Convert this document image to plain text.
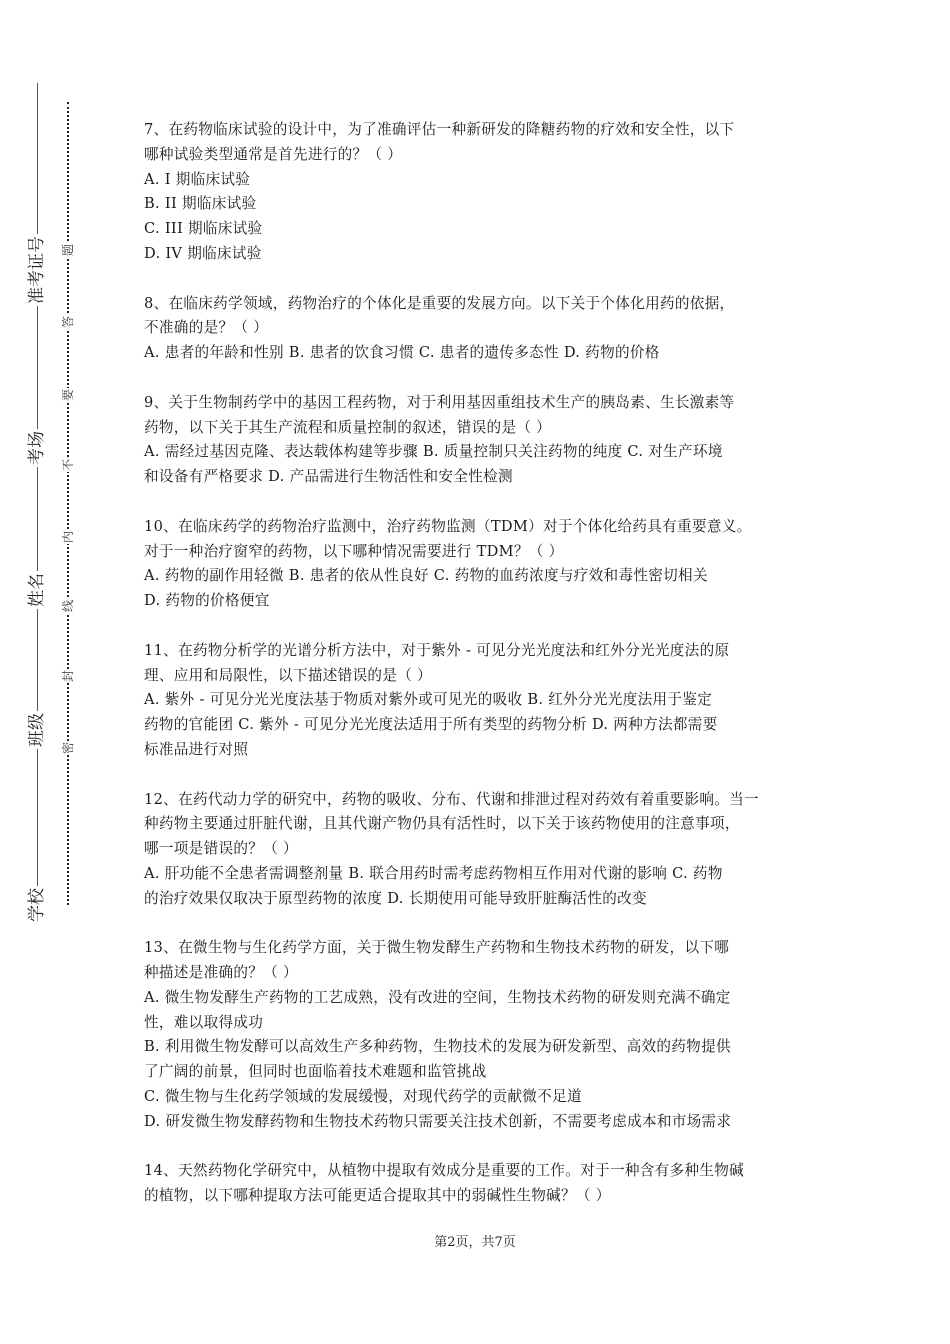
准考证号
考场
姓名
班级
学校
题
答
要
不
内
线
封
密
7、在药物临床试验的设计中，为了准确评估一种新研发的降糖药物的疗效和安全性，以下
哪种试验类型通常是首先进行的？（ ）
A. I 期临床试验
B. II 期临床试验
C. III 期临床试验
D. IV 期临床试验
8、在临床药学领域，药物治疗的个体化是重要的发展方向。以下关于个体化用药的依据，
不准确的是？（ ）
A. 患者的年龄和性别 B. 患者的饮食习惯 C. 患者的遗传多态性 D. 药物的价格
9、关于生物制药学中的基因工程药物，对于利用基因重组技术生产的胰岛素、生长激素等
药物，以下关于其生产流程和质量控制的叙述，错误的是（ ）
A. 需经过基因克隆、表达载体构建等步骤 B. 质量控制只关注药物的纯度 C. 对生产环境
和设备有严格要求 D. 产品需进行生物活性和安全性检测
10、在临床药学的药物治疗监测中，治疗药物监测（TDM）对于个体化给药具有重要意义。
对于一种治疗窗窄的药物，以下哪种情况需要进行 TDM？（ ）
A. 药物的副作用轻微 B. 患者的依从性良好 C. 药物的血药浓度与疗效和毒性密切相关
D. 药物的价格便宜
11、在药物分析学的光谱分析方法中，对于紫外 - 可见分光光度法和红外分光光度法的原
理、应用和局限性，以下描述错误的是（ ）
A. 紫外 - 可见分光光度法基于物质对紫外或可见光的吸收 B. 红外分光光度法用于鉴定
药物的官能团 C. 紫外 - 可见分光光度法适用于所有类型的药物分析 D. 两种方法都需要
标准品进行对照
12、在药代动力学的研究中，药物的吸收、分布、代谢和排泄过程对药效有着重要影响。当一
种药物主要通过肝脏代谢，且其代谢产物仍具有活性时，以下关于该药物使用的注意事项，
哪一项是错误的？（ ）
A. 肝功能不全患者需调整剂量 B. 联合用药时需考虑药物相互作用对代谢的影响 C. 药物
的治疗效果仅取决于原型药物的浓度 D. 长期使用可能导致肝脏酶活性的改变
13、在微生物与生化药学方面，关于微生物发酵生产药物和生物技术药物的研发，以下哪
种描述是准确的？（ ）
A. 微生物发酵生产药物的工艺成熟，没有改进的空间，生物技术药物的研发则充满不确定
性，难以取得成功
B. 利用微生物发酵可以高效生产多种药物，生物技术的发展为研发新型、高效的药物提供
了广阔的前景，但同时也面临着技术难题和监管挑战
C. 微生物与生化药学领域的发展缓慢，对现代药学的贡献微不足道
D. 研发微生物发酵药物和生物技术药物只需要关注技术创新，不需要考虑成本和市场需求
14、天然药物化学研究中，从植物中提取有效成分是重要的工作。对于一种含有多种生物碱
的植物，以下哪种提取方法可能更适合提取其中的弱碱性生物碱？（ ）
第2页，共7页
